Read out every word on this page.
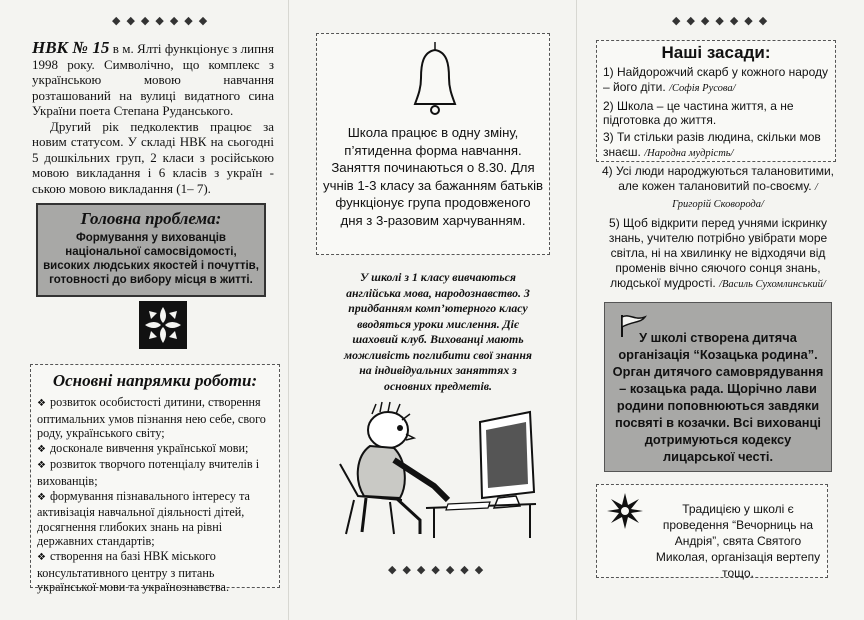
◆◆◆◆◆◆◆

НВК № 15 в м. Ялті функціонує з липня 1998 року. Символічно, що комплекс з українською мовою навчання розташований на вулиці видатного сина України поета Степана Руданського.

Другий рік педколектив працює за новим статусом. У складі НВК на сьогодні 5 дошкільних груп, 2 класи з російською мовою викладання і 6 класів з україн - ською мовою викладання (1– 7).

Головна проблема:
Формування у вихованців національної самосвідомості, високих людських якостей і почуттів, готовності до вибору місця в житті.
Основні напрямки роботи:
❖ розвиток особистості дитини, створення оптимальних умов пізнання нею себе, свого роду, українського світу;
❖ досконале вивчення української мови;
❖ розвиток творчого потенціалу вчителів і вихованців;
❖ формування пізнавального інтересу та активізація навчальної діяльності дітей, досягнення глибоких знань на рівні державних стандартів;
❖ створення на базі НВК міського консультативного центру з питань української мови та українознавства.
Школа працює в одну зміну, п’ятиденна форма навчання. Заняття починаються о 8.30. Для учнів 1-3 класу за бажанням батьків функціонує група продовженого дня з 3-разовим харчуванням.
У школі з 1 класу вивчаються англійська мова, народознавство. З придбанням комп’ютерного класу вводяться уроки мислення. Діє шаховий клуб. Вихованці мають можливість поглибити свої знання на індивідуальних заняттях з основних предметів.
◆◆◆◆◆◆◆
◆◆◆◆◆◆◆
Наші засади:
1) Найдорожчий скарб у кожного народу – його діти. /Софія Русова/
2) Школа – це частина життя, а не підготовка до життя.
3) Ти стільки разів людина, скільки мов знаєш. /Народна мудрість/
4) Усі люди народжуються талановитими, але кожен талановитий по-своєму. /Григорій Сковорода/
5) Щоб відкрити перед учнями іскринку знань, учителю потрібно увібрати море світла, ні на хвилинку не відходячи від променів вічно сяючого сонця знань, людської мудрості. /Василь Сухомлинський/
У школі створена дитяча організація “Козацька родина”. Орган дитячого самоврядування – козацька рада. Щорічно лави родини поповнюються завдяки посвяті в козачки. Всі вихованці дотримуються кодексу лицарської честі.
Традицією у школі є проведення “Вечорниць на Андрія”, свята Святого Миколая, організація вертепу тощо.
